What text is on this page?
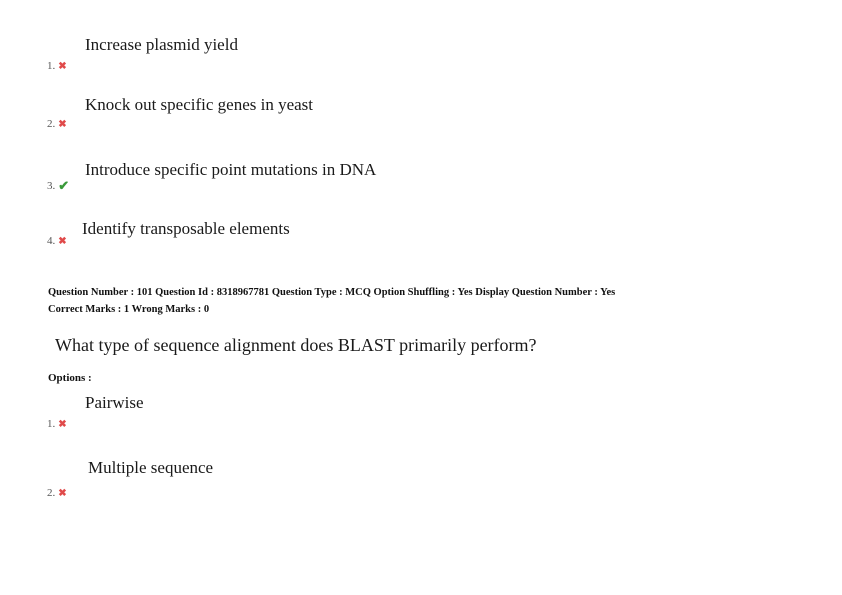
Increase plasmid yield
1. ✖
Knock out specific genes in yeast
2. ✖
Introduce specific point mutations in DNA
3. ✔
Identify transposable elements
4. ✖
Question Number : 101 Question Id : 8318967781 Question Type : MCQ Option Shuffling : Yes Display Question Number : Yes
Correct Marks : 1 Wrong Marks : 0
What type of sequence alignment does BLAST primarily perform?
Options :
Pairwise
1. ✖
Multiple sequence
2. ✖
